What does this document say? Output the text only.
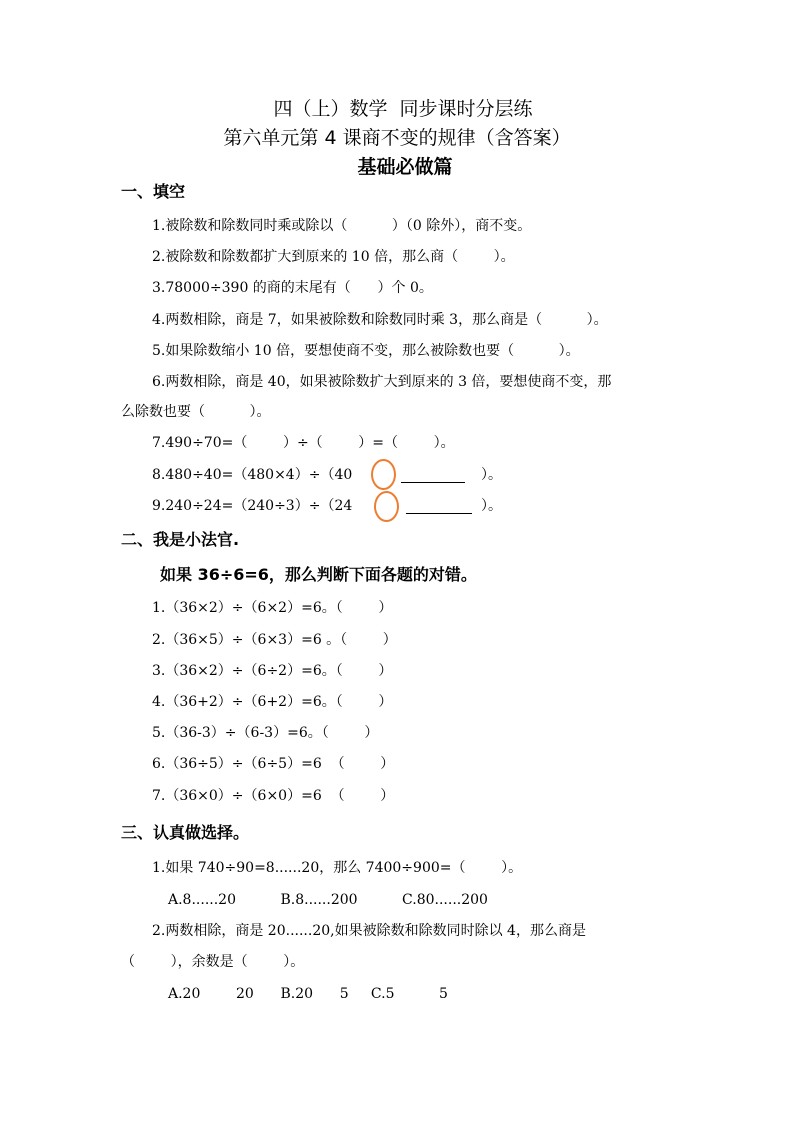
四（上）数学  同步课时分层练
第六单元第 4 课商不变的规律（含答案）
基础必做篇
一、填空
1.被除数和除数同时乘或除以（          ）（0 除外），商不变。
2.被除数和除数都扩大到原来的 10 倍，那么商（        ）。
3.78000÷390 的商的末尾有（      ）个 0。
4.两数相除，商是 7，如果被除数和除数同时乘 3，那么商是（          ）。
5.如果除数缩小 10 倍，要想使商不变，那么被除数也要（          ）。
6.两数相除，商是 40，如果被除数扩大到原来的 3 倍，要想使商不变，那
么除数也要（          ）。
7.490÷70=（        ）÷（        ）=（        ）。
8.480÷40=（480×4）÷（40	）。
9.240÷24=（240÷3）÷（24	）。
二、我是小法官.
如果 36÷6=6，那么判断下面各题的对错。
1.（36×2）÷（6×2）=6。（        ）
2.（36×5）÷（6×3）=6 。（        ）
3.（36×2）÷（6÷2）=6。（        ）
4.（36+2）÷（6+2）=6。（        ）
5.（36-3）÷（6-3）=6。（        ）
6.（36÷5）÷（6÷5）=6  （        ）
7.（36×0）÷（6×0）=6  （        ）
三、认真做选择。
1.如果 740÷90=8......20，那么 7400÷900=（        ）。
A.8......20          B.8......200          C.80......200
2.两数相除，商是 20......20,如果被除数和除数同时除以 4，那么商是
（        ），余数是（        ）。
A.20        20      B.20      5     C.5          5
